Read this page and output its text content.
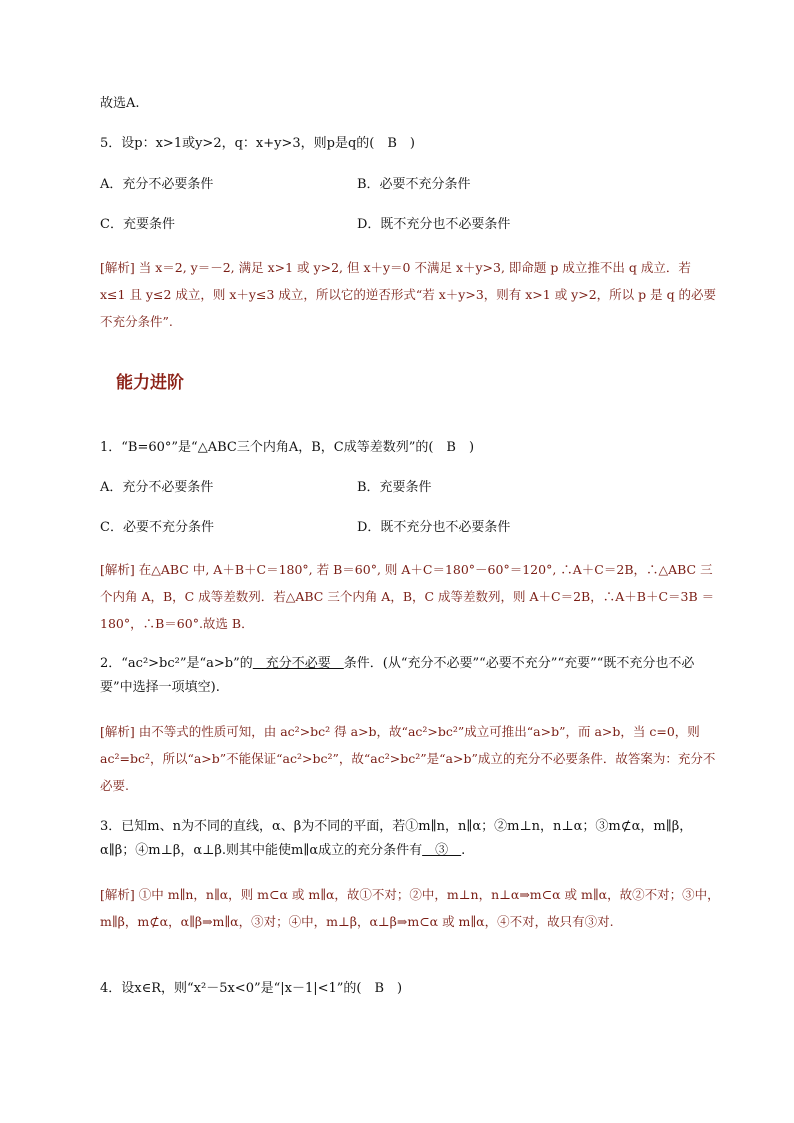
故选A.
5．设p：x>1或y>2，q：x+y>3，则p是q的(　B　)
A．充分不必要条件	B．必要不充分条件
C．充要条件	D．既不充分也不必要条件
[解析] 当 x＝2, y＝－2, 满足 x>1 或 y>2, 但 x＋y＝0 不满足 x＋y>3, 即命题 p 成立推不出 q 成立．若 x≤1 且 y≤2 成立，则 x＋y≤3 成立，所以它的逆否形式“若 x＋y>3，则有 x>1 或 y>2，所以 p 是 q 的必要不充分条件”.
能力进阶
1．“B=60°”是“△ABC三个内角A，B，C成等差数列”的(　B　)
A．充分不必要条件	B．充要条件
C．必要不充分条件	D．既不充分也不必要条件
[解析] 在△ABC 中, A＋B＋C＝180°, 若 B＝60°, 则 A＋C＝180°－60°＝120°, ∴A＋C＝2B，∴△ABC 三个内角 A，B，C 成等差数列．若△ABC 三个内角 A，B，C 成等差数列，则 A＋C＝2B，∴A＋B＋C＝3B ＝180°，∴B＝60°.故选 B．
2．“ac²>bc²”是“a>b”的　充分不必要　条件．(从“充分不必要”“必要不充分”“充要”“既不充分也不必要”中选择一项填空).
[解析] 由不等式的性质可知，由 ac²>bc² 得 a>b，故“ac²>bc²”成立可推出“a>b”，而 a>b，当 c=0，则 ac²=bc²，所以“a>b”不能保证“ac²>bc²”，故“ac²>bc²”是“a>b”成立的充分不必要条件．故答案为：充分不必要.
3．已知m、n为不同的直线，α、β为不同的平面，若①m∥n，n∥α；②m⊥n，n⊥α；③m⊄α，m∥β，α∥β；④m⊥β，α⊥β.则其中能使m∥α成立的充分条件有　③　.
[解析] ①中 m∥n，n∥α，则 m⊂α 或 m∥α，故①不对；②中，m⊥n，n⊥α⇒m⊂α 或 m∥α，故②不对；③中，m∥β，m⊄α，α∥β⇒m∥α，③对；④中，m⊥β，α⊥β⇒m⊂α 或 m∥α，④不对，故只有③对.
4．设x∈R，则“x²－5x<0”是“|x－1|<1”的(　B　)
